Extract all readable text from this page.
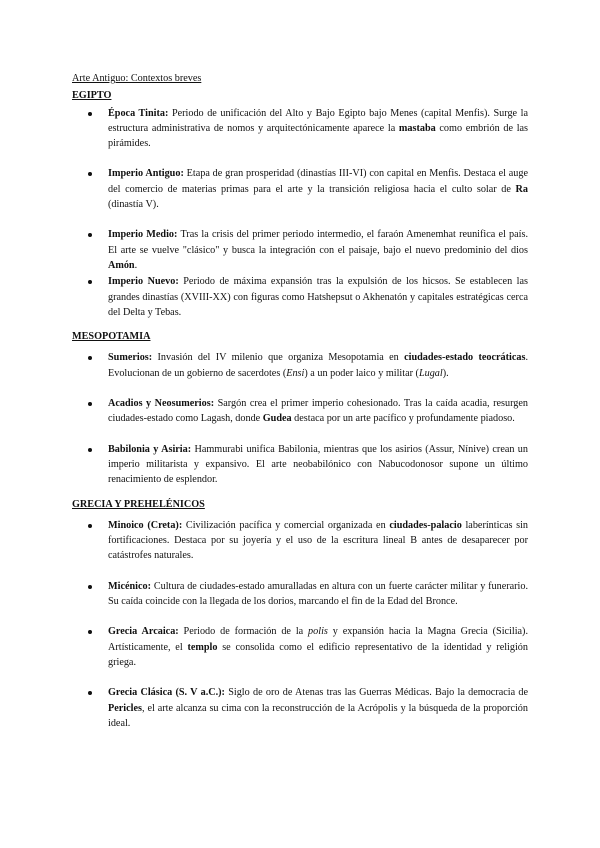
Arte Antiguo: Contextos breves
EGIPTO
Época Tinita: Periodo de unificación del Alto y Bajo Egipto bajo Menes (capital Menfis). Surge la estructura administrativa de nomos y arquitectónicamente aparece la mastaba como embrión de las pirámides.
Imperio Antiguo: Etapa de gran prosperidad (dinastías III-VI) con capital en Menfis. Destaca el auge del comercio de materias primas para el arte y la transición religiosa hacia el culto solar de Ra (dinastía V).
Imperio Medio: Tras la crisis del primer periodo intermedio, el faraón Amenemhat reunifica el país. El arte se vuelve "clásico" y busca la integración con el paisaje, bajo el nuevo predominio del dios Amón.
Imperio Nuevo: Periodo de máxima expansión tras la expulsión de los hicsos. Se establecen las grandes dinastías (XVIII-XX) con figuras como Hatshepsut o Akhenatón y capitales estratégicas cerca del Delta y Tebas.
MESOPOTAMIA
Sumerios: Invasión del IV milenio que organiza Mesopotamia en ciudades-estado teocráticas. Evolucionan de un gobierno de sacerdotes (Ensi) a un poder laico y militar (Lugal).
Acadios y Neosumerios: Sargón crea el primer imperio cohesionado. Tras la caída acadia, resurgen ciudades-estado como Lagash, donde Gudea destaca por un arte pacífico y profundamente piadoso.
Babilonia y Asiria: Hammurabi unifica Babilonia, mientras que los asirios (Assur, Nínive) crean un imperio militarista y expansivo. El arte neobabilónico con Nabucodonosor supone un último renacimiento de esplendor.
GRECIA Y PREHELÉNICOS
Minoico (Creta): Civilización pacífica y comercial organizada en ciudades-palacio laberínticas sin fortificaciones. Destaca por su joyería y el uso de la escritura lineal B antes de desaparecer por catástrofes naturales.
Micénico: Cultura de ciudades-estado amuralladas en altura con un fuerte carácter militar y funerario. Su caída coincide con la llegada de los dorios, marcando el fin de la Edad del Bronce.
Grecia Arcaica: Periodo de formación de la polis y expansión hacia la Magna Grecia (Sicilia). Artísticamente, el templo se consolida como el edificio representativo de la identidad y religión griega.
Grecia Clásica (S. V a.C.): Siglo de oro de Atenas tras las Guerras Médicas. Bajo la democracia de Pericles, el arte alcanza su cima con la reconstrucción de la Acrópolis y la búsqueda de la proporción ideal.
